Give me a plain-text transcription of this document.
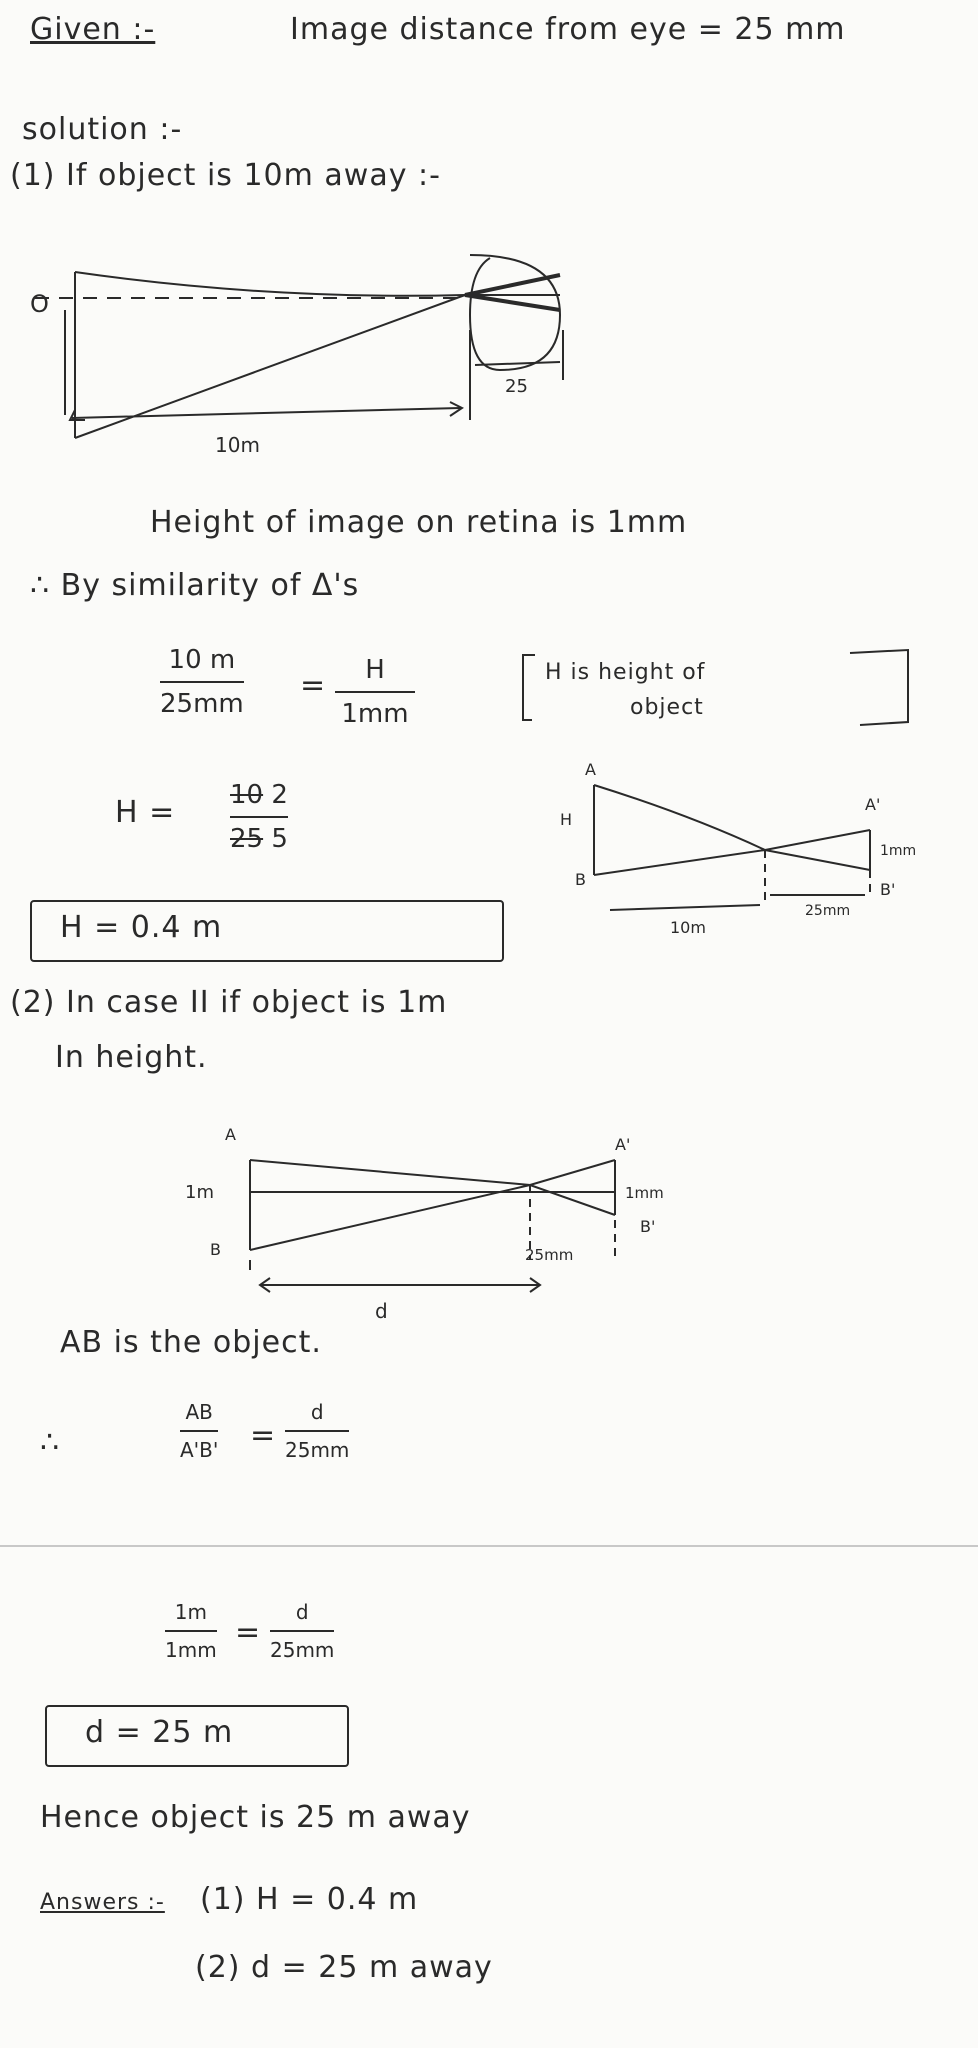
Given :-	Image distance from eye = 25 mm
solution :-
(1) If object is 10m away :-
O
25
10m
Height of image on retina is 1mm
∴ By similarity of Δ's
10 m
25mm
= H
1mm
H is height of
object
H = 10 2
25 5
A
A'
H
B
B'
1mm
25mm
10m
H = 0.4 m
(2) In case II if object is 1m
In height.
A
A'
1m
B
B'
1mm
25mm
d
AB is the object.
∴
AB
A'B' =
d
25mm
1m
1mm =
d
25mm
d = 25 m
Hence object is 25 m away
Answers :- (1) H = 0.4 m
(2) d = 25 m away
